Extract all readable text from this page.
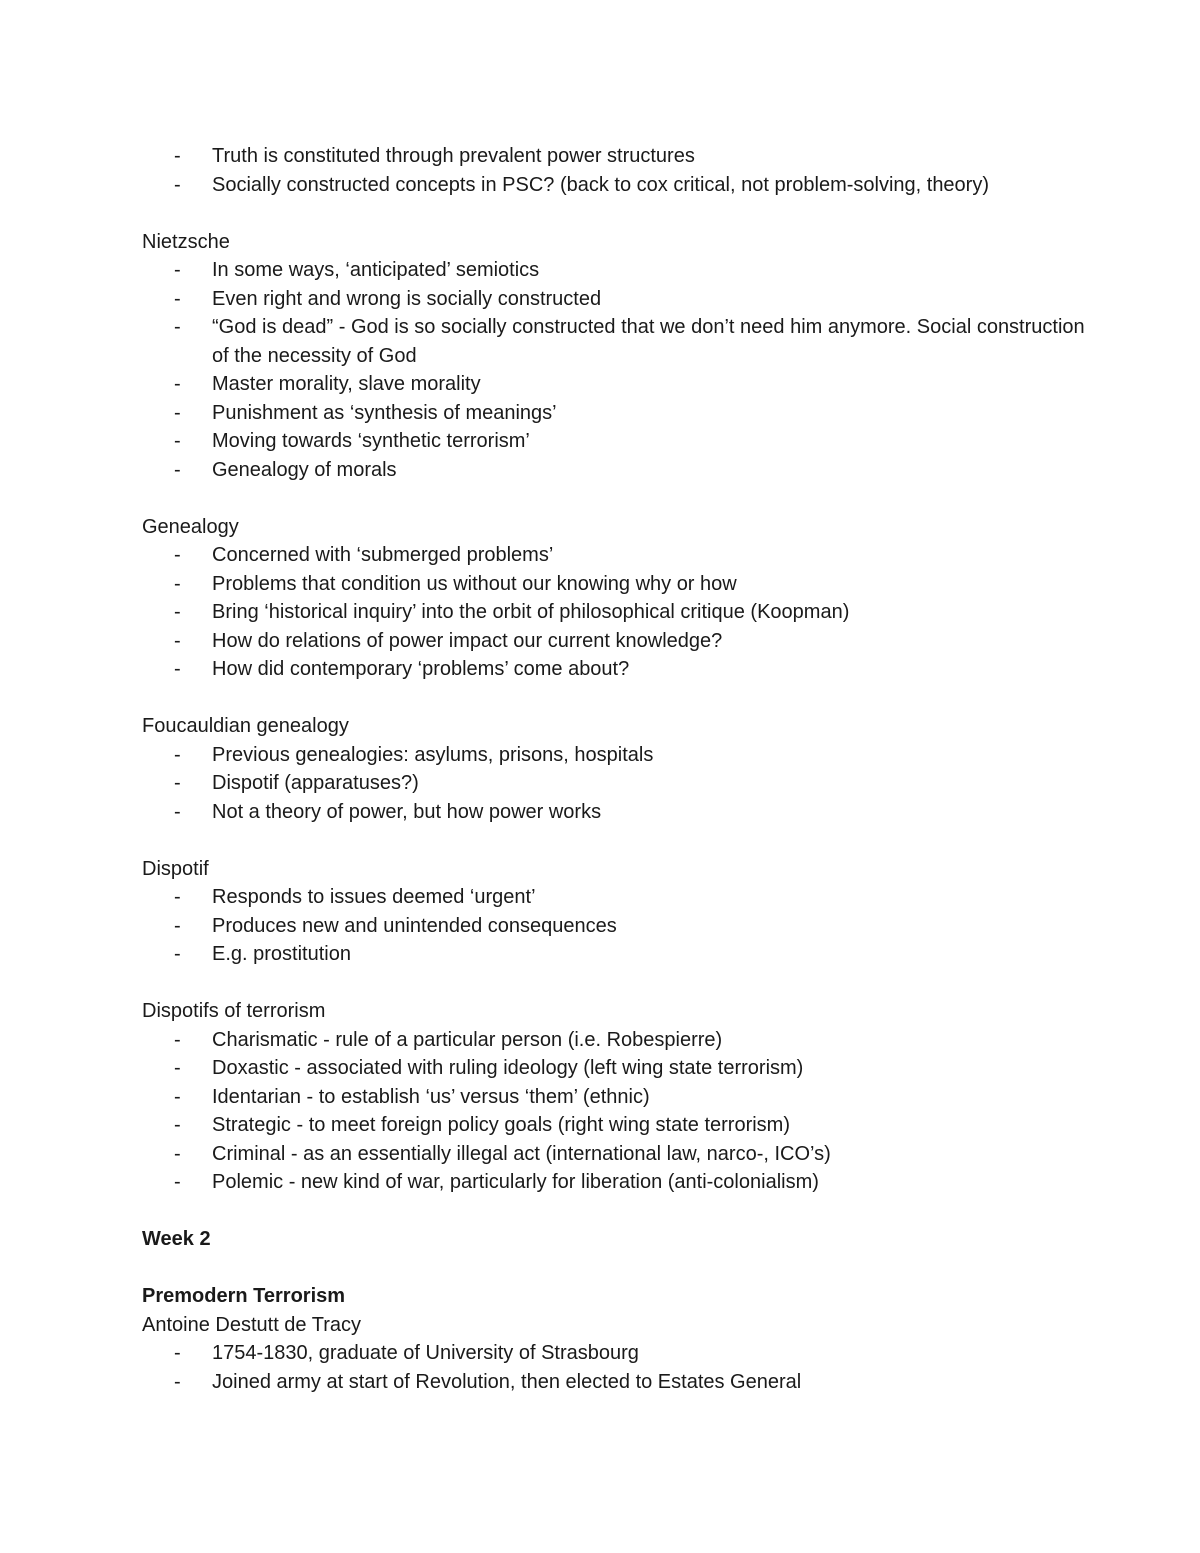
- Truth is constituted through prevalent power structures
- Socially constructed concepts in PSC? (back to cox critical, not problem-solving, theory)

Nietzsche

- In some ways, ‘anticipated’ semiotics
- Even right and wrong is socially constructed
- “God is dead” - God is so socially constructed that we don’t need him anymore. Social construction of the necessity of God
- Master morality, slave morality
- Punishment as ‘synthesis of meanings’
- Moving towards ‘synthetic terrorism’
- Genealogy of morals

Genealogy

- Concerned with ‘submerged problems’
- Problems that condition us without our knowing why or how
- Bring ‘historical inquiry’ into the orbit of philosophical critique (Koopman)
- How do relations of power impact our current knowledge?
- How did contemporary ‘problems’ come about?

Foucauldian genealogy

- Previous genealogies: asylums, prisons, hospitals
- Dispotif (apparatuses?)
- Not a theory of power, but how power works

Dispotif

- Responds to issues deemed ‘urgent’
- Produces new and unintended consequences
- E.g. prostitution

Dispotifs of terrorism

- Charismatic - rule of a particular person (i.e. Robespierre)
- Doxastic - associated with ruling ideology (left wing state terrorism)
- Identarian - to establish ‘us’ versus ‘them’ (ethnic)
- Strategic - to meet foreign policy goals (right wing state terrorism)
- Criminal - as an essentially illegal act (international law, narco-, ICO’s)
- Polemic - new kind of war, particularly for liberation (anti-colonialism)

Week 2

Premodern Terrorism

Antoine Destutt de Tracy

- 1754-1830, graduate of University of Strasbourg
- Joined army at start of Revolution, then elected to Estates General
